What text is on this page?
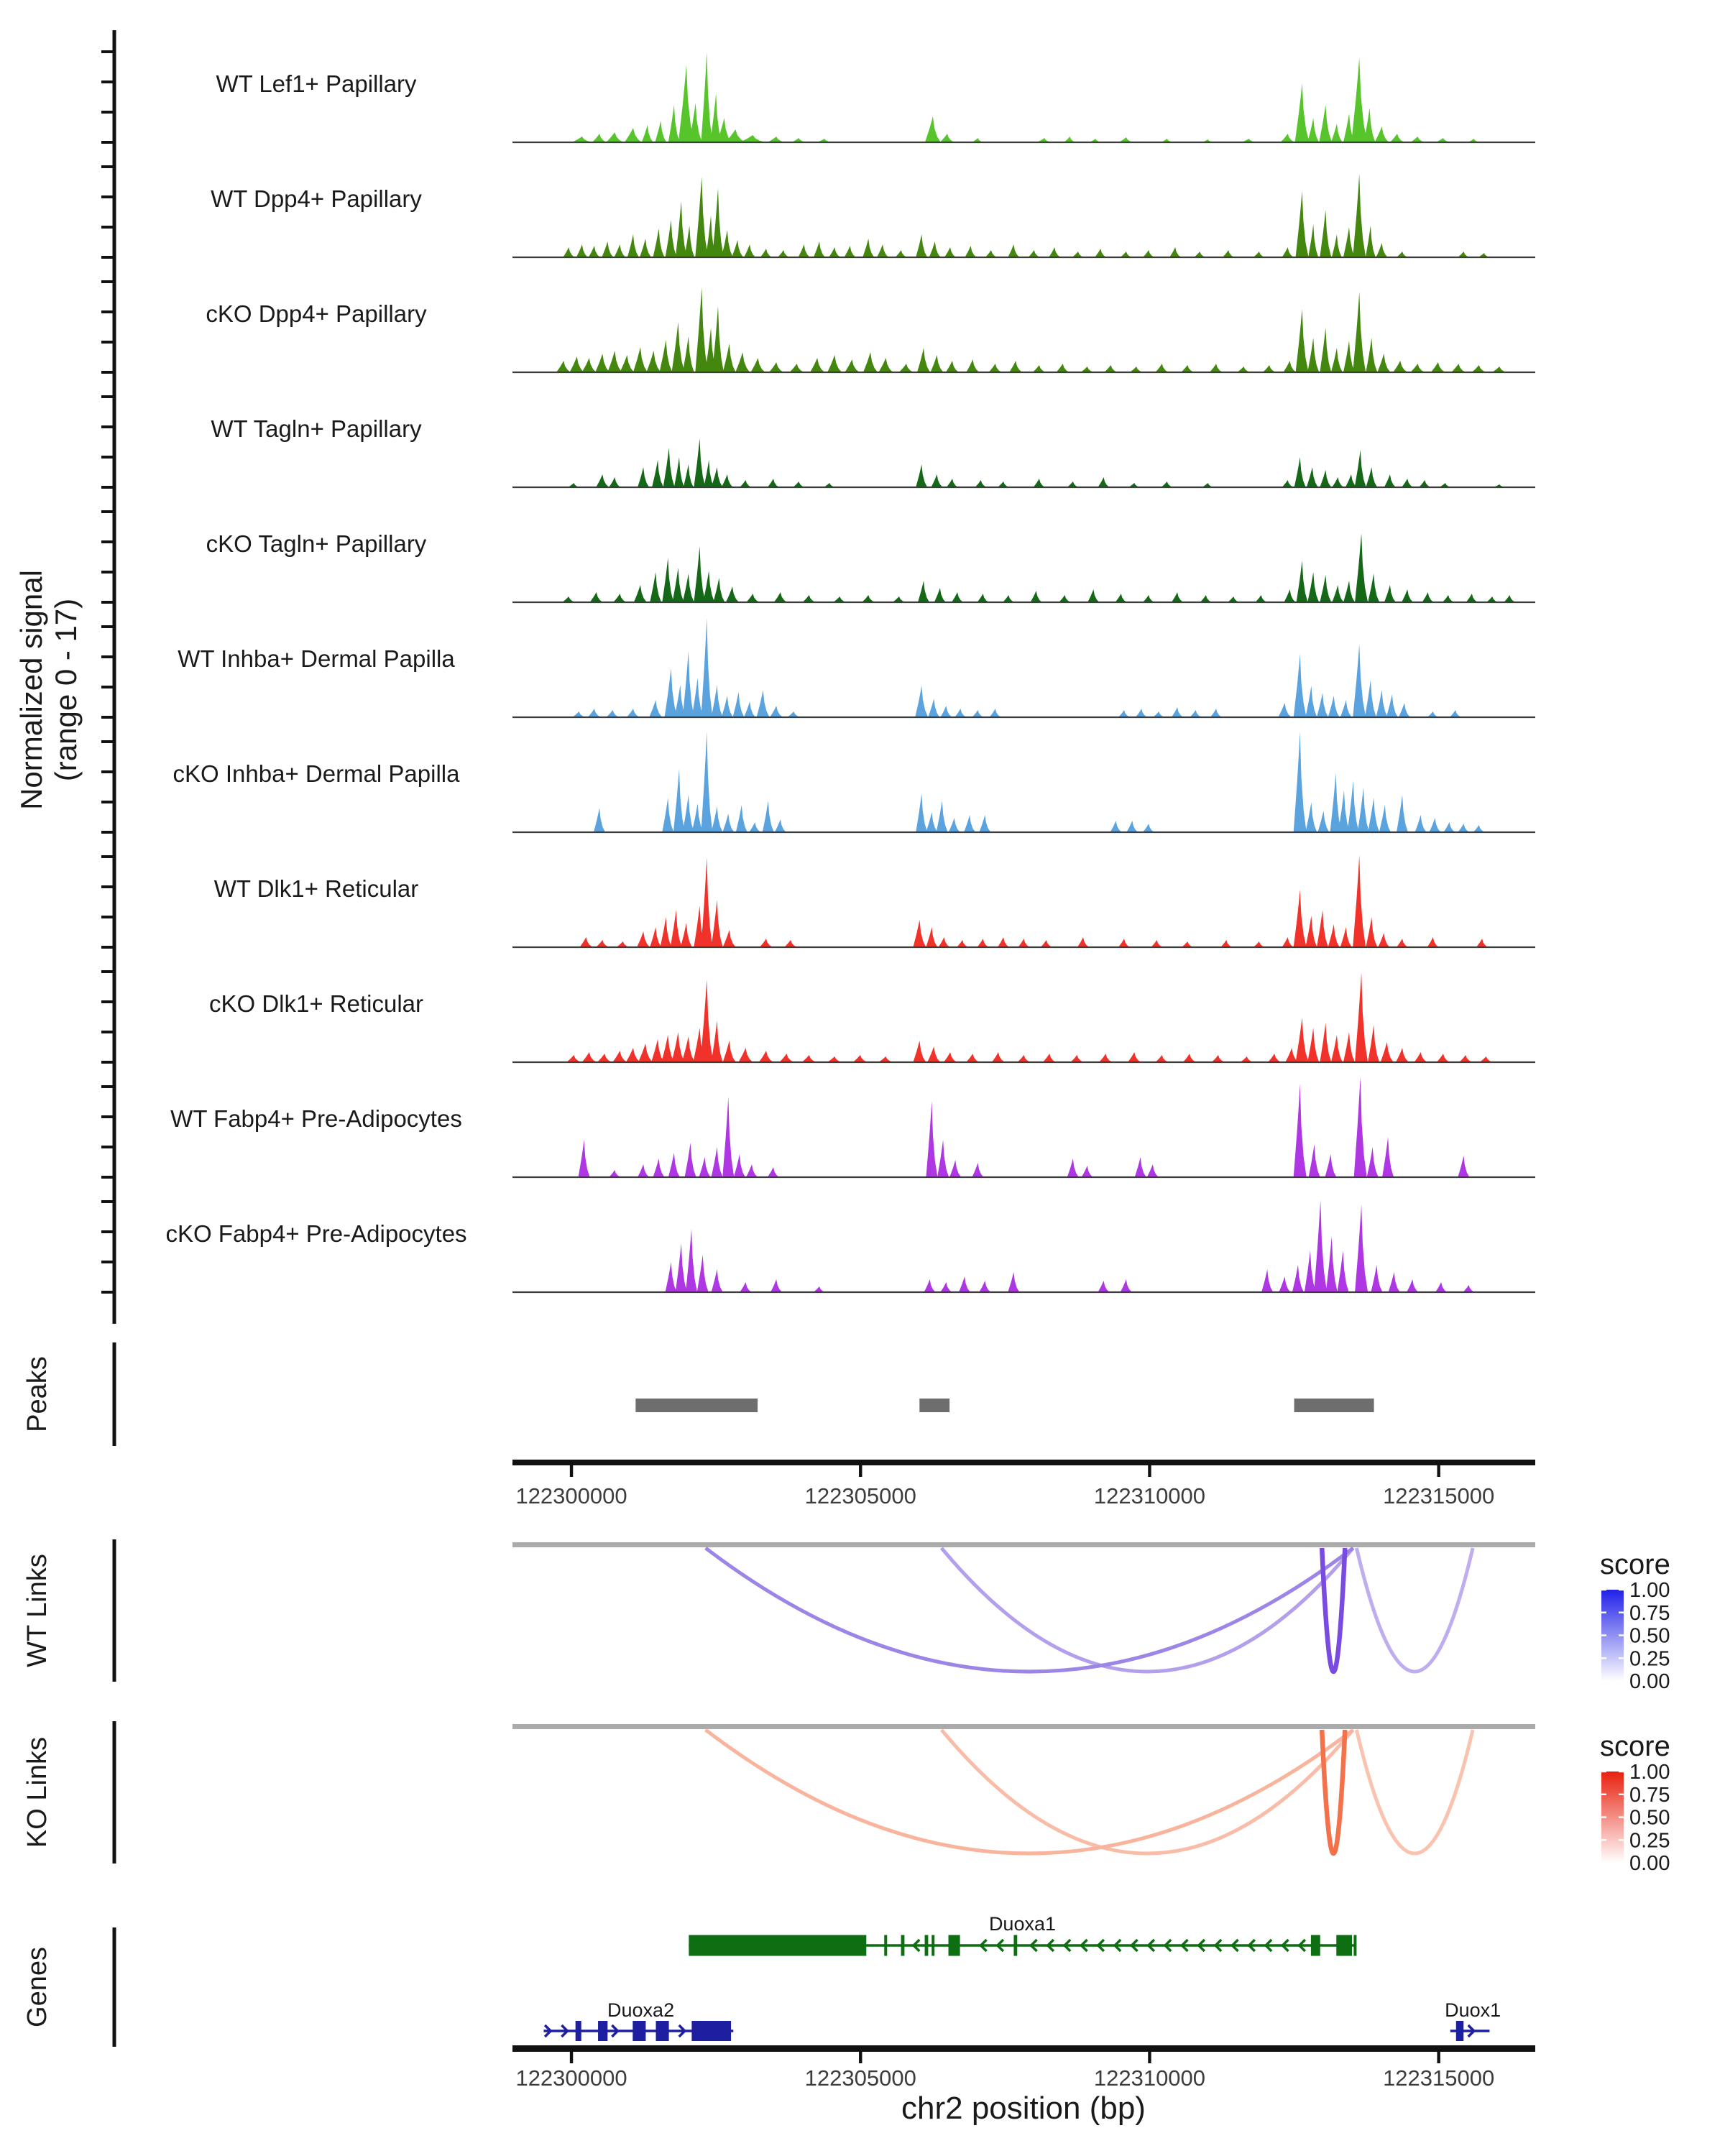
WT Lef1+ Papillary
WT Dpp4+ Papillary
cKO Dpp4+ Papillary
WT Tagln+ Papillary
cKO Tagln+ Papillary
WT Inhba+ Dermal Papilla
cKO Inhba+ Dermal Papilla
WT Dlk1+ Reticular
cKO Dlk1+ Reticular
WT Fabp4+ Pre-Adipocytes
cKO Fabp4+ Pre-Adipocytes
122300000	122305000	122310000	122315000
1.00
0.75
0.50
0.25
0.00
1.00
0.75
0.50
0.25
0.00
Duoxa1
Duoxa2	Duox1
122300000	122305000	122310000	122315000
Normalized signal (range 0 - 17)
Peaks
WT Links
KO Links
Genes
chr2 position (bp)
score
score
